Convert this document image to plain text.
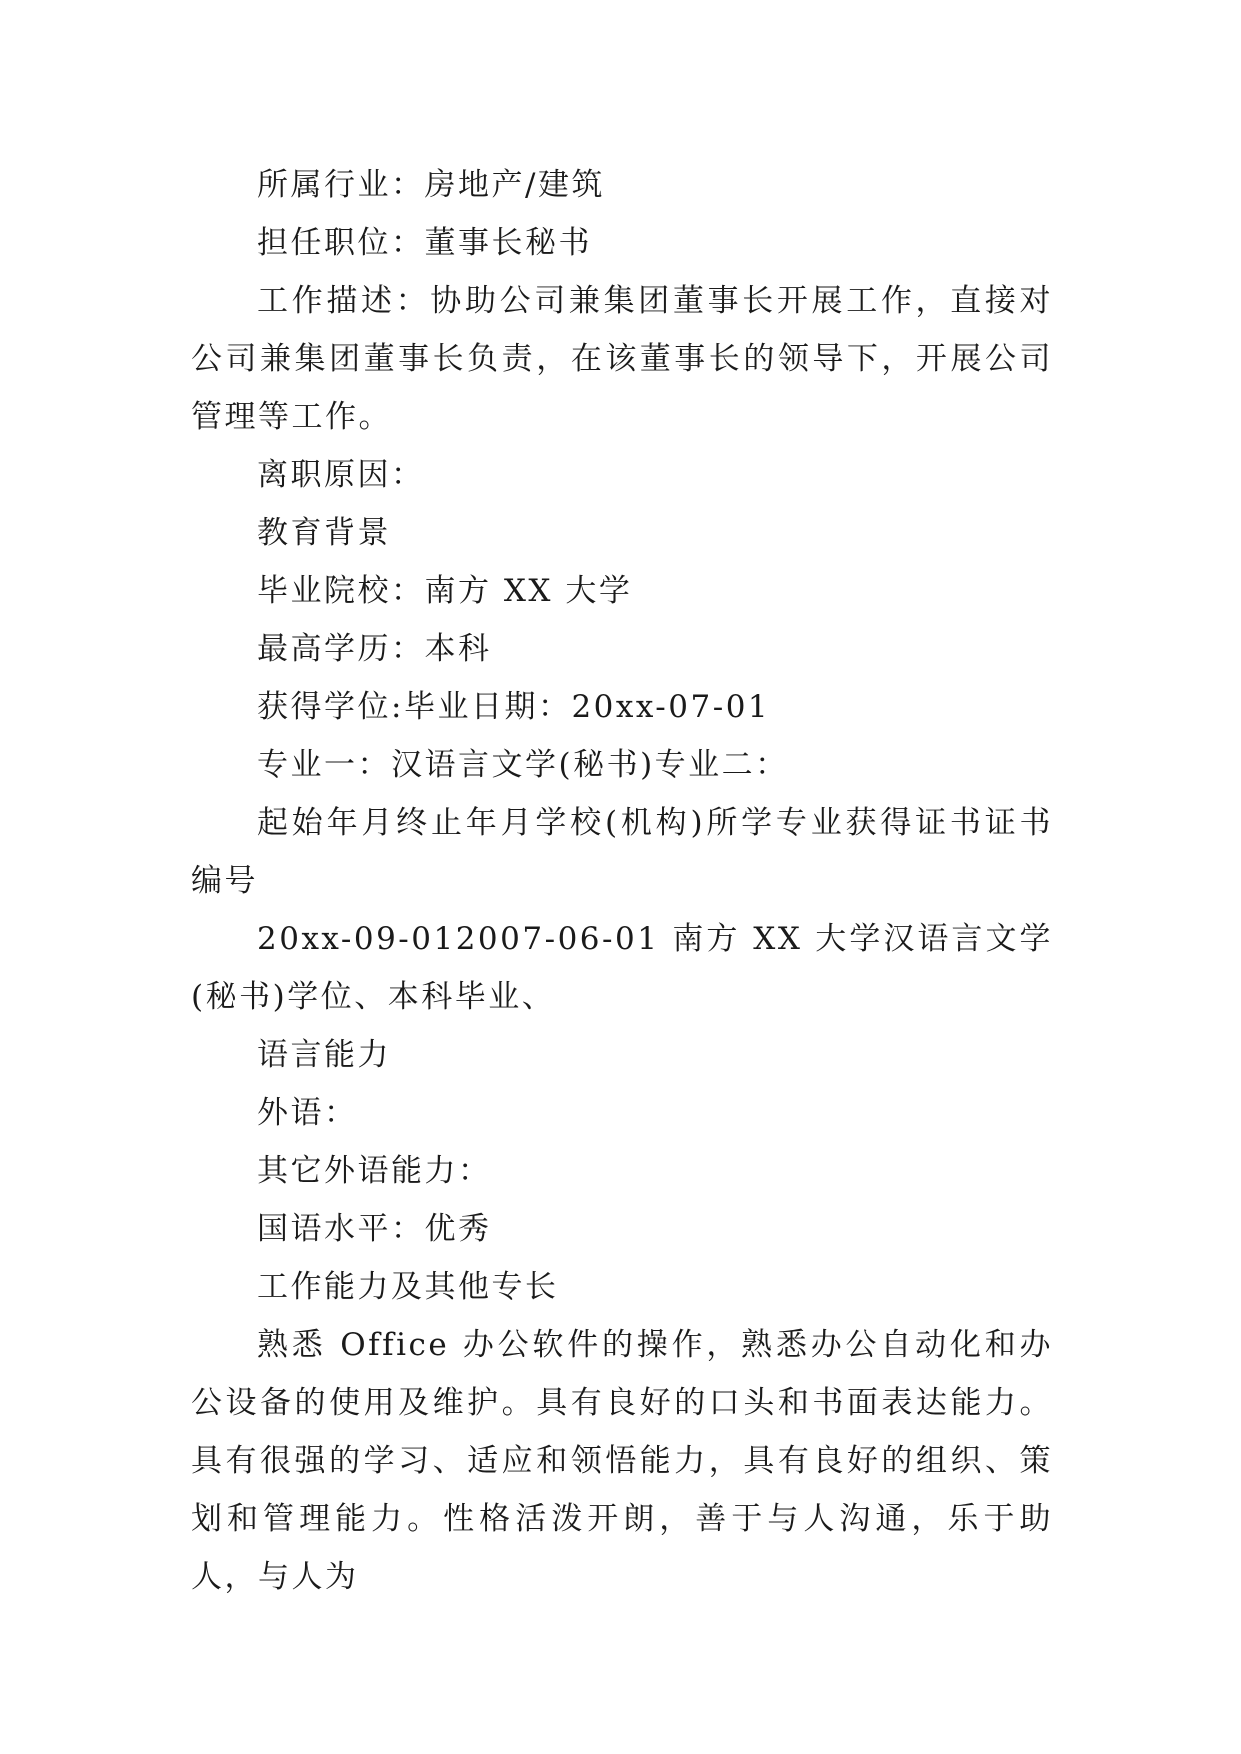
所属行业：房地产/建筑

担任职位：董事长秘书

工作描述：协助公司兼集团董事长开展工作，直接对公司兼集团董事长负责，在该董事长的领导下，开展公司管理等工作。

离职原因：

教育背景

毕业院校：南方 XX 大学

最高学历：本科

获得学位:毕业日期：20xx-07-01

专业一：汉语言文学(秘书)专业二：

起始年月终止年月学校(机构)所学专业获得证书证书编号

20xx-09-012007-06-01 南方 XX 大学汉语言文学(秘书)学位、本科毕业、

语言能力

外语：

其它外语能力：

国语水平：优秀

工作能力及其他专长

熟悉 Office 办公软件的操作，熟悉办公自动化和办公设备的使用及维护。具有良好的口头和书面表达能力。具有很强的学习、适应和领悟能力，具有良好的组织、策划和管理能力。性格活泼开朗，善于与人沟通，乐于助人，与人为
